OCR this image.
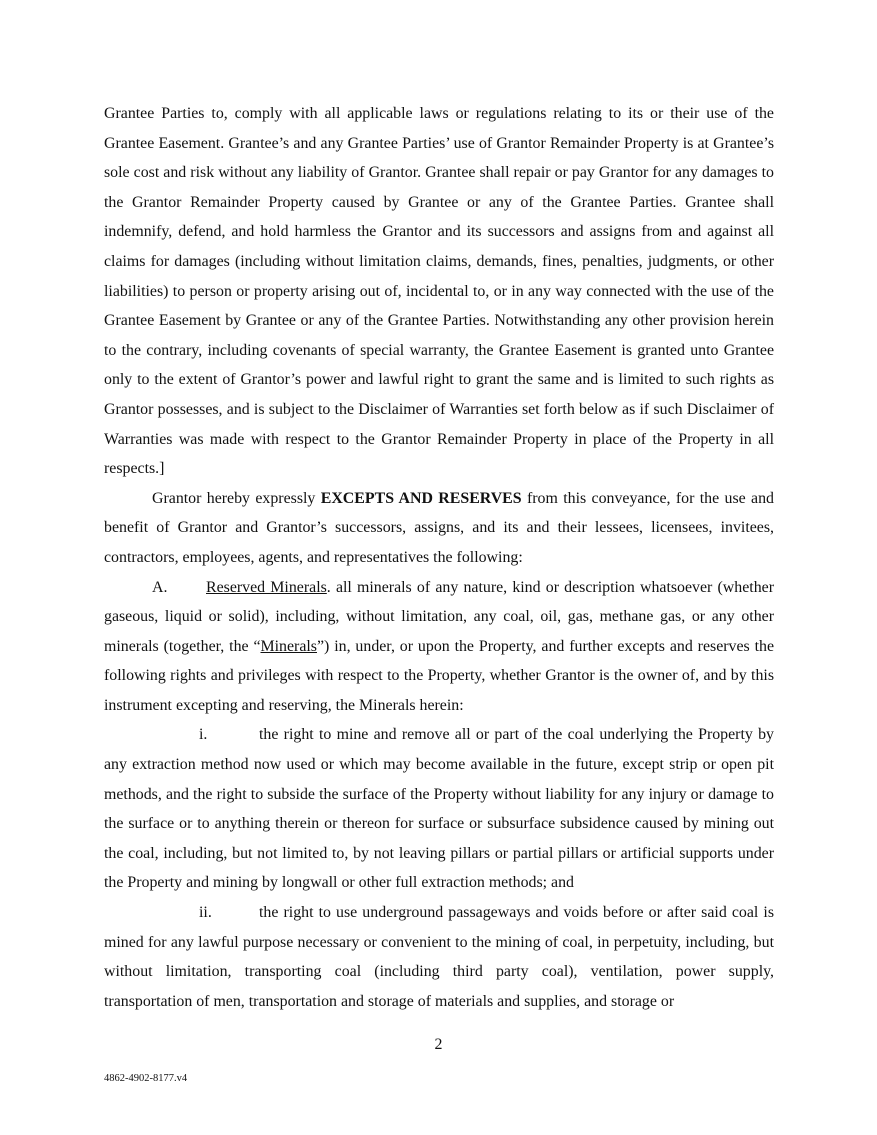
Grantee Parties to, comply with all applicable laws or regulations relating to its or their use of the Grantee Easement. Grantee’s and any Grantee Parties’ use of Grantor Remainder Property is at Grantee’s sole cost and risk without any liability of Grantor. Grantee shall repair or pay Grantor for any damages to the Grantor Remainder Property caused by Grantee or any of the Grantee Parties. Grantee shall indemnify, defend, and hold harmless the Grantor and its successors and assigns from and against all claims for damages (including without limitation claims, demands, fines, penalties, judgments, or other liabilities) to person or property arising out of, incidental to, or in any way connected with the use of the Grantee Easement by Grantee or any of the Grantee Parties. Notwithstanding any other provision herein to the contrary, including covenants of special warranty, the Grantee Easement is granted unto Grantee only to the extent of Grantor’s power and lawful right to grant the same and is limited to such rights as Grantor possesses, and is subject to the Disclaimer of Warranties set forth below as if such Disclaimer of Warranties was made with respect to the Grantor Remainder Property in place of the Property in all respects.]

Grantor hereby expressly EXCEPTS AND RESERVES from this conveyance, for the use and benefit of Grantor and Grantor’s successors, assigns, and its and their lessees, licensees, invitees, contractors, employees, agents, and representatives the following:

A. Reserved Minerals. all minerals of any nature, kind or description whatsoever (whether gaseous, liquid or solid), including, without limitation, any coal, oil, gas, methane gas, or any other minerals (together, the “Minerals”) in, under, or upon the Property, and further excepts and reserves the following rights and privileges with respect to the Property, whether Grantor is the owner of, and by this instrument excepting and reserving, the Minerals herein:

i.	the right to mine and remove all or part of the coal underlying the Property by any extraction method now used or which may become available in the future, except strip or open pit methods, and the right to subside the surface of the Property without liability for any injury or damage to the surface or to anything therein or thereon for surface or subsurface subsidence caused by mining out the coal, including, but not limited to, by not leaving pillars or partial pillars or artificial supports under the Property and mining by longwall or other full extraction methods; and

ii.	the right to use underground passageways and voids before or after said coal is mined for any lawful purpose necessary or convenient to the mining of coal, in perpetuity, including, but without limitation, transporting coal (including third party coal), ventilation, power supply, transportation of men, transportation and storage of materials and supplies, and storage or

2
4862-4902-8177.v4
